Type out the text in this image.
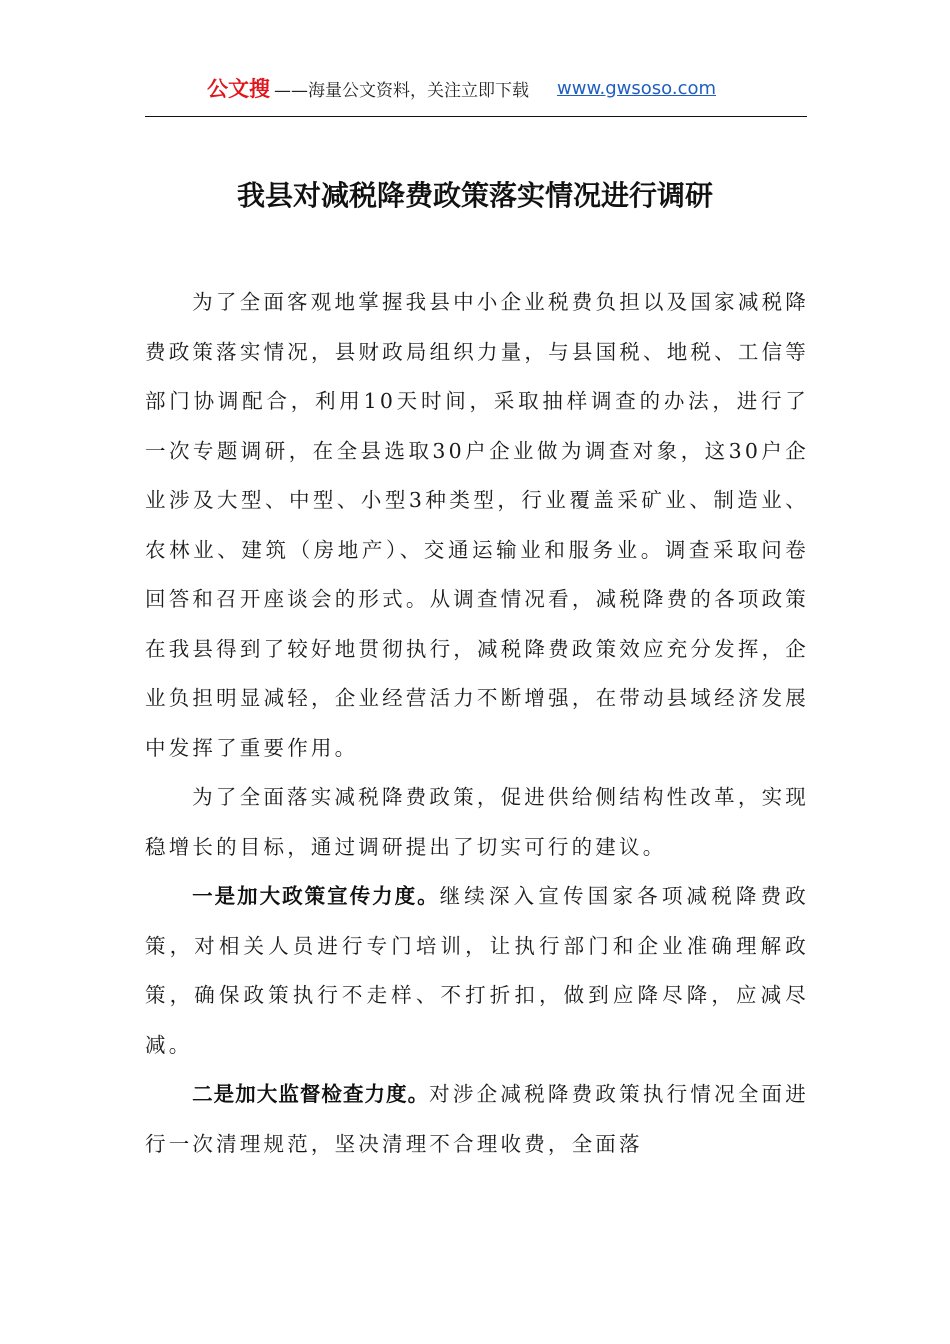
公文搜 ——海量公文资料，关注立即下载 www.gwsoso.com
我县对减税降费政策落实情况进行调研

为了全面客观地掌握我县中小企业税费负担以及国家减税降费政策落实情况，县财政局组织力量，与县国税、地税、工信等部门协调配合，利用10天时间，采取抽样调查的办法，进行了一次专题调研，在全县选取30户企业做为调查对象，这30户企业涉及大型、中型、小型3种类型，行业覆盖采矿业、制造业、农林业、建筑（房地产）、交通运输业和服务业。调查采取问卷回答和召开座谈会的形式。从调查情况看，减税降费的各项政策在我县得到了较好地贯彻执行，减税降费政策效应充分发挥，企业负担明显减轻，企业经营活力不断增强，在带动县域经济发展中发挥了重要作用。

为了全面落实减税降费政策，促进供给侧结构性改革，实现稳增长的目标，通过调研提出了切实可行的建议。

一是加大政策宣传力度。继续深入宣传国家各项减税降费政策，对相关人员进行专门培训，让执行部门和企业准确理解政策，确保政策执行不走样、不打折扣，做到应降尽降，应减尽减。

二是加大监督检查力度。对涉企减税降费政策执行情况全面进行一次清理规范，坚决清理不合理收费，全面落
